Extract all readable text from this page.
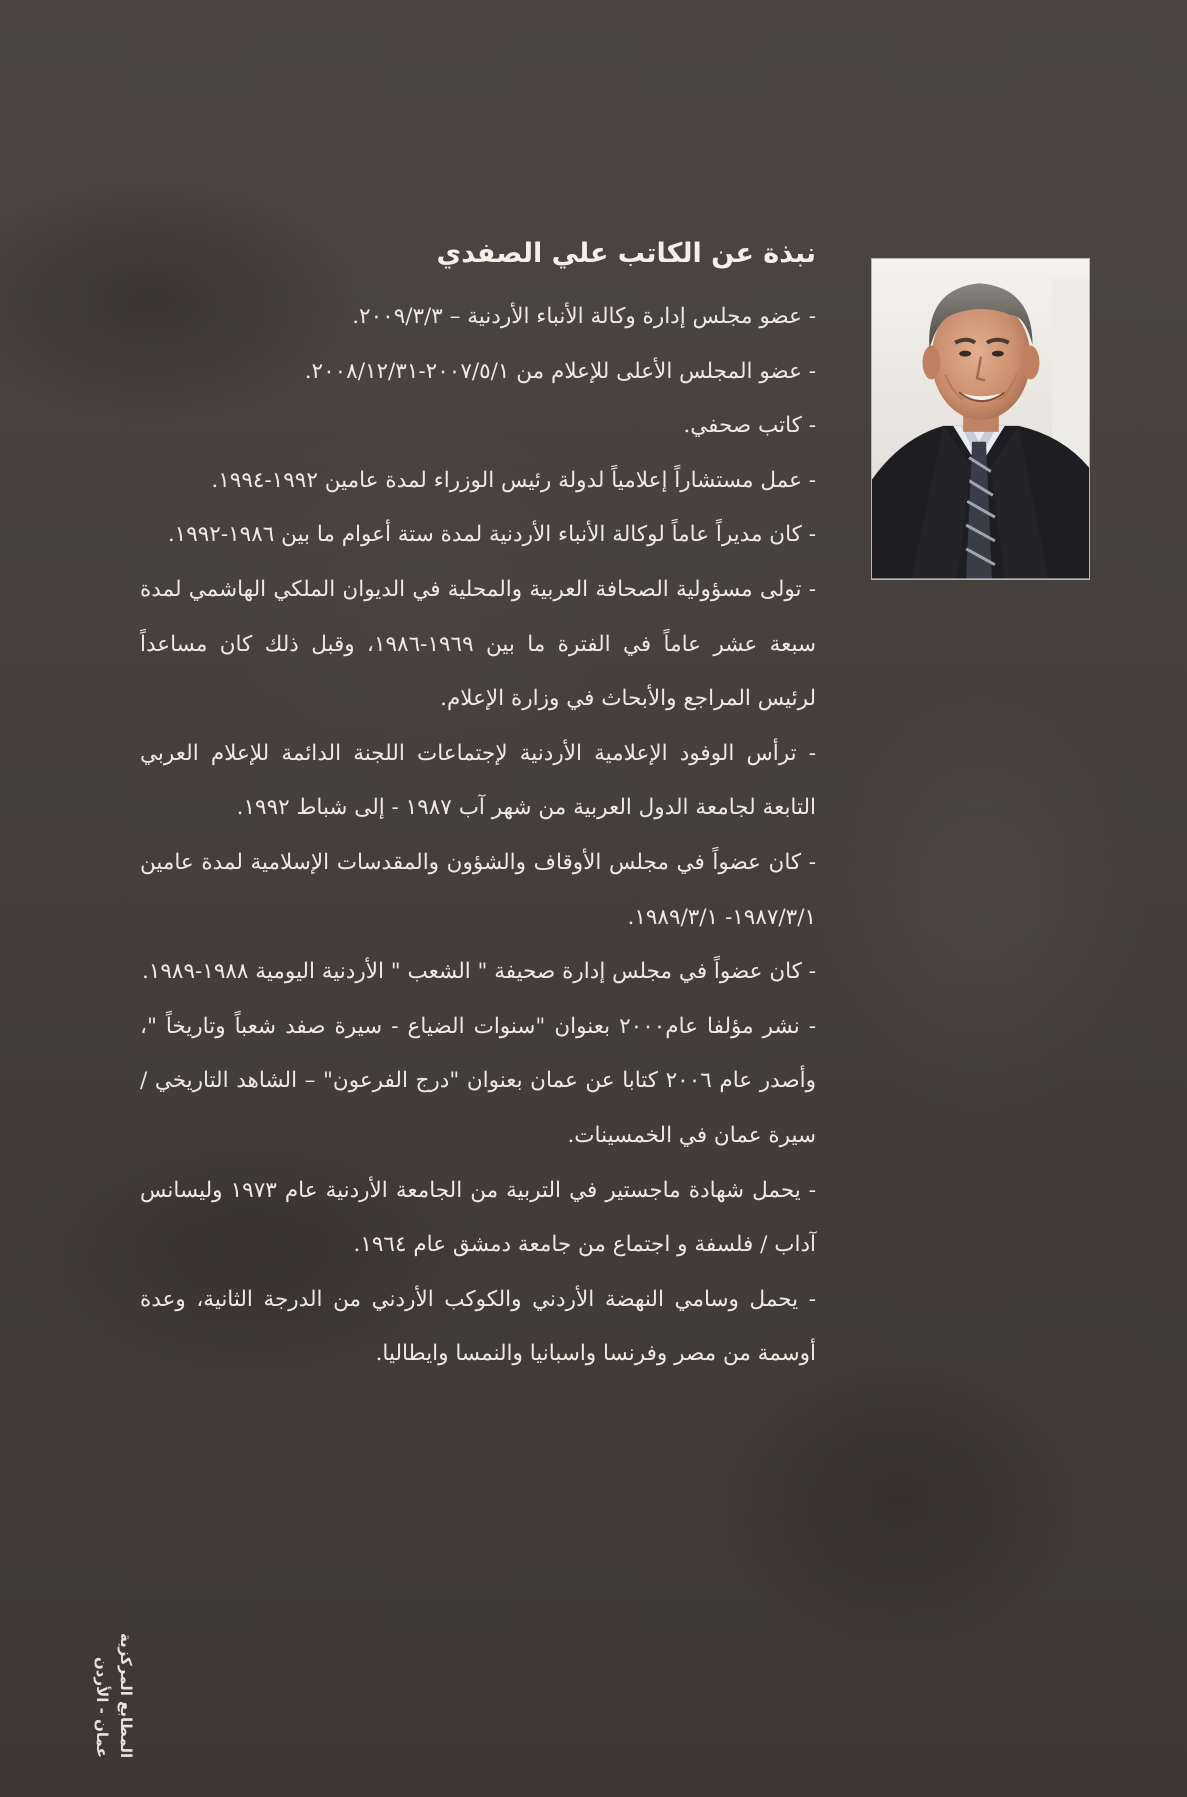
نبذة عن الكاتب علي الصفدي
- عضو مجلس إدارة وكالة الأنباء الأردنية – ٢٠٠٩/٣/٣.
- عضو المجلس الأعلى للإعلام من ٢٠٠٧/٥/١-٢٠٠٨/١٢/٣١.
- كاتب صحفي.
- عمل مستشاراً إعلامياً لدولة رئيس الوزراء لمدة عامين ١٩٩٢-١٩٩٤.
- كان مديراً عاماً لوكالة الأنباء الأردنية لمدة ستة أعوام ما بين ١٩٨٦-١٩٩٢.
- تولى مسؤولية الصحافة العربية والمحلية في الديوان الملكي الهاشمي لمدة سبعة عشر عاماً في الفترة ما بين ١٩٦٩-١٩٨٦، وقبل ذلك كان مساعداً لرئيس المراجع والأبحاث في وزارة الإعلام.
- ترأس الوفود الإعلامية الأردنية لإجتماعات اللجنة الدائمة للإعلام العربي التابعة لجامعة الدول العربية من شهر آب ١٩٨٧ - إلى شباط ١٩٩٢.
- كان عضواً في مجلس الأوقاف والشؤون والمقدسات الإسلامية لمدة عامين ١٩٨٧/٣/١- ١٩٨٩/٣/١.
- كان عضواً في مجلس إدارة صحيفة " الشعب " الأردنية اليومية ١٩٨٨-١٩٨٩.
- نشر مؤلفا عام٢٠٠٠ بعنوان "سنوات الضياع - سيرة صفد شعباً وتاريخاً "، وأصدر عام ٢٠٠٦ كتابا عن عمان بعنوان "درج الفرعون" – الشاهد التاريخي / سيرة عمان في الخمسينات.
- يحمل شهادة ماجستير في التربية من الجامعة الأردنية عام ١٩٧٣ وليسانس آداب / فلسفة و اجتماع من جامعة دمشق عام ١٩٦٤.
- يحمل وسامي النهضة الأردني والكوكب الأردني من الدرجة الثانية، وعدة أوسمة من مصر وفرنسا واسبانيا والنمسا وايطاليا.
المطابع المركزية
عمان - الأردن
